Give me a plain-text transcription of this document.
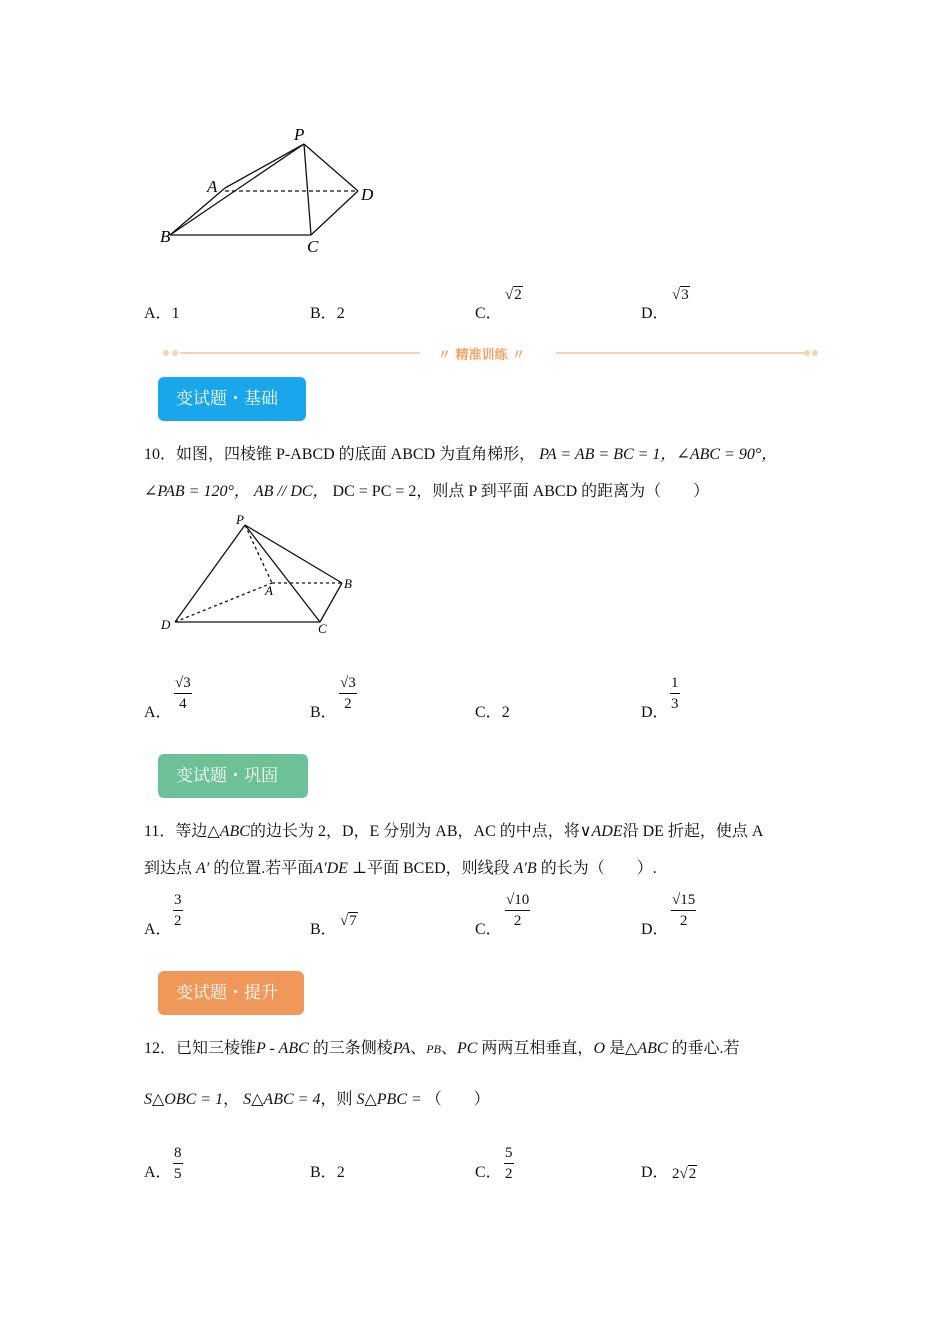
P
A
B
C
D
A．1	B．2	C．
√2
D．
√3
〃 精准训练 〃
变试题・基础
10．如图，四棱锥 P-ABCD 的底面 ABCD 为直角梯形， PA = AB = BC = 1，∠ABC = 90°，
∠PAB = 120°， AB // DC， DC = PC = 2，则点 P 到平面 ABCD 的距离为（　　）
P
A	B
C
D
A．
√3
4	B．
√3
2	C．2	D．
1
3
变试题・巩固
11．等边△ABC的边长为 2，D，E 分别为 AB，AC 的中点，将∨ADE沿 DE 折起，使点 A
到达点 A′ 的位置.若平面A′DE ⊥平面 BCED，则线段 A′B 的长为（　　）.
A．
3
2	B． √7	C．
√10
2	D．
√15
2
变试题・提升
12．已知三棱锥P - ABC 的三条侧棱PA、PB、PC 两两互相垂直，O 是△ABC 的垂心.若
S△OBC = 1， S△ABC = 4，则 S△PBC = （　　）
A．
8
5	B．2	C．
5
2	D． 2√2
